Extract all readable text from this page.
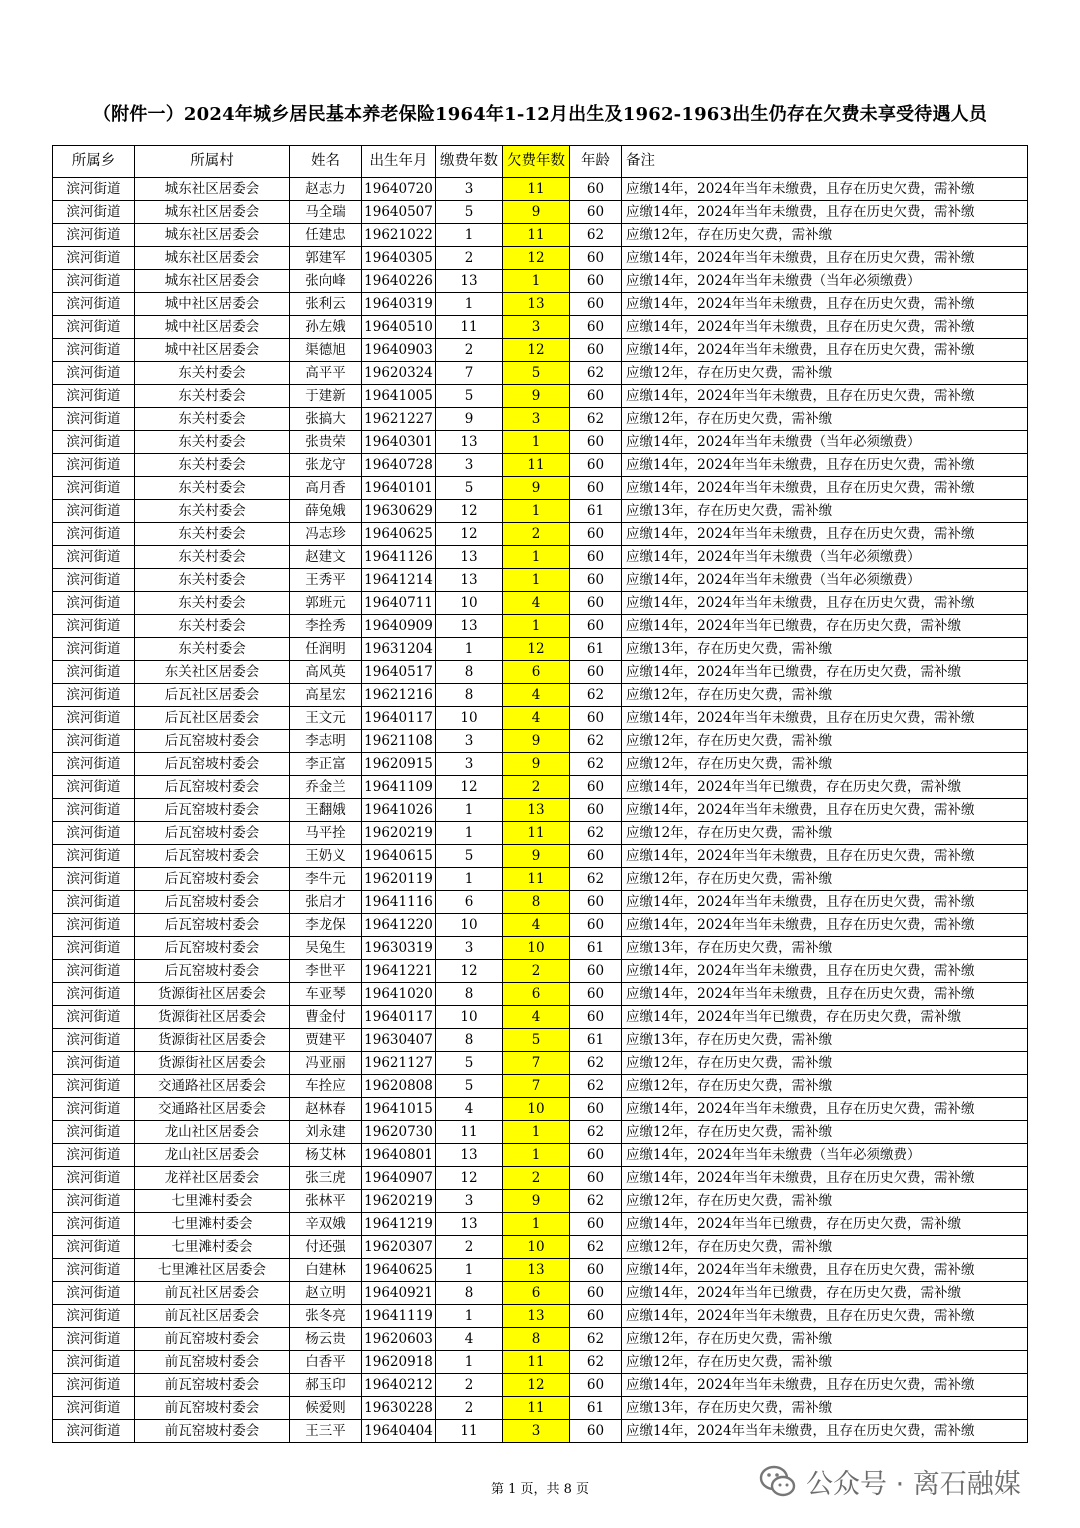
（附件一）2024年城乡居民基本养老保险1964年1-12月出生及1962-1963出生仍存在欠费未享受待遇人员
所属乡	所属村	姓名	出生年月	缴费年数	欠费年数	年龄	备注
滨河街道	城东社区居委会	赵志力	19640720	3	11	60	应缴14年，2024年当年未缴费，且存在历史欠费，需补缴
滨河街道	城东社区居委会	马全瑞	19640507	5	9	60	应缴14年，2024年当年未缴费，且存在历史欠费，需补缴
滨河街道	城东社区居委会	任建忠	19621022	1	11	62	应缴12年，存在历史欠费，需补缴
滨河街道	城东社区居委会	郭建军	19640305	2	12	60	应缴14年，2024年当年未缴费，且存在历史欠费，需补缴
滨河街道	城东社区居委会	张向峰	19640226	13	1	60	应缴14年，2024年当年未缴费（当年必须缴费）
滨河街道	城中社区居委会	张利云	19640319	1	13	60	应缴14年，2024年当年未缴费，且存在历史欠费，需补缴
滨河街道	城中社区居委会	孙左娥	19640510	11	3	60	应缴14年，2024年当年未缴费，且存在历史欠费，需补缴
滨河街道	城中社区居委会	渠德旭	19640903	2	12	60	应缴14年，2024年当年未缴费，且存在历史欠费，需补缴
滨河街道	东关村委会	高平平	19620324	7	5	62	应缴12年，存在历史欠费，需补缴
滨河街道	东关村委会	于建新	19641005	5	9	60	应缴14年，2024年当年未缴费，且存在历史欠费，需补缴
滨河街道	东关村委会	张搞大	19621227	9	3	62	应缴12年，存在历史欠费，需补缴
滨河街道	东关村委会	张贵荣	19640301	13	1	60	应缴14年，2024年当年未缴费（当年必须缴费）
滨河街道	东关村委会	张龙守	19640728	3	11	60	应缴14年，2024年当年未缴费，且存在历史欠费，需补缴
滨河街道	东关村委会	高月香	19640101	5	9	60	应缴14年，2024年当年未缴费，且存在历史欠费，需补缴
滨河街道	东关村委会	薛兔娥	19630629	12	1	61	应缴13年，存在历史欠费，需补缴
滨河街道	东关村委会	冯志珍	19640625	12	2	60	应缴14年，2024年当年未缴费，且存在历史欠费，需补缴
滨河街道	东关村委会	赵建文	19641126	13	1	60	应缴14年，2024年当年未缴费（当年必须缴费）
滨河街道	东关村委会	王秀平	19641214	13	1	60	应缴14年，2024年当年未缴费（当年必须缴费）
滨河街道	东关村委会	郭班元	19640711	10	4	60	应缴14年，2024年当年未缴费，且存在历史欠费，需补缴
滨河街道	东关村委会	李拴秀	19640909	13	1	60	应缴14年，2024年当年已缴费，存在历史欠费，需补缴
滨河街道	东关村委会	任润明	19631204	1	12	61	应缴13年，存在历史欠费，需补缴
滨河街道	东关社区居委会	高风英	19640517	8	6	60	应缴14年，2024年当年已缴费，存在历史欠费，需补缴
滨河街道	后瓦社区居委会	高星宏	19621216	8	4	62	应缴12年，存在历史欠费，需补缴
滨河街道	后瓦社区居委会	王文元	19640117	10	4	60	应缴14年，2024年当年未缴费，且存在历史欠费，需补缴
滨河街道	后瓦窑坡村委会	李志明	19621108	3	9	62	应缴12年，存在历史欠费，需补缴
滨河街道	后瓦窑坡村委会	李正富	19620915	3	9	62	应缴12年，存在历史欠费，需补缴
滨河街道	后瓦窑坡村委会	乔金兰	19641109	12	2	60	应缴14年，2024年当年已缴费，存在历史欠费，需补缴
滨河街道	后瓦窑坡村委会	王翻娥	19641026	1	13	60	应缴14年，2024年当年未缴费，且存在历史欠费，需补缴
滨河街道	后瓦窑坡村委会	马平拴	19620219	1	11	62	应缴12年，存在历史欠费，需补缴
滨河街道	后瓦窑坡村委会	王奶义	19640615	5	9	60	应缴14年，2024年当年未缴费，且存在历史欠费，需补缴
滨河街道	后瓦窑坡村委会	李牛元	19620119	1	11	62	应缴12年，存在历史欠费，需补缴
滨河街道	后瓦窑坡村委会	张启才	19641116	6	8	60	应缴14年，2024年当年未缴费，且存在历史欠费，需补缴
滨河街道	后瓦窑坡村委会	李龙保	19641220	10	4	60	应缴14年，2024年当年未缴费，且存在历史欠费，需补缴
滨河街道	后瓦窑坡村委会	吴兔生	19630319	3	10	61	应缴13年，存在历史欠费，需补缴
滨河街道	后瓦窑坡村委会	李世平	19641221	12	2	60	应缴14年，2024年当年未缴费，且存在历史欠费，需补缴
滨河街道	货源街社区居委会	车亚琴	19641020	8	6	60	应缴14年，2024年当年未缴费，且存在历史欠费，需补缴
滨河街道	货源街社区居委会	曹金付	19640117	10	4	60	应缴14年，2024年当年已缴费，存在历史欠费，需补缴
滨河街道	货源街社区居委会	贾建平	19630407	8	5	61	应缴13年，存在历史欠费，需补缴
滨河街道	货源街社区居委会	冯亚丽	19621127	5	7	62	应缴12年，存在历史欠费，需补缴
滨河街道	交通路社区居委会	车拴应	19620808	5	7	62	应缴12年，存在历史欠费，需补缴
滨河街道	交通路社区居委会	赵林春	19641015	4	10	60	应缴14年，2024年当年未缴费，且存在历史欠费，需补缴
滨河街道	龙山社区居委会	刘永建	19620730	11	1	62	应缴12年，存在历史欠费，需补缴
滨河街道	龙山社区居委会	杨艾林	19640801	13	1	60	应缴14年，2024年当年未缴费（当年必须缴费）
滨河街道	龙祥社区居委会	张三虎	19640907	12	2	60	应缴14年，2024年当年未缴费，且存在历史欠费，需补缴
滨河街道	七里滩村委会	张林平	19620219	3	9	62	应缴12年，存在历史欠费，需补缴
滨河街道	七里滩村委会	辛双娥	19641219	13	1	60	应缴14年，2024年当年已缴费，存在历史欠费，需补缴
滨河街道	七里滩村委会	付还强	19620307	2	10	62	应缴12年，存在历史欠费，需补缴
滨河街道	七里滩社区居委会	白建林	19640625	1	13	60	应缴14年，2024年当年未缴费，且存在历史欠费，需补缴
滨河街道	前瓦社区居委会	赵立明	19640921	8	6	60	应缴14年，2024年当年已缴费，存在历史欠费，需补缴
滨河街道	前瓦社区居委会	张冬亮	19641119	1	13	60	应缴14年，2024年当年未缴费，且存在历史欠费，需补缴
滨河街道	前瓦窑坡村委会	杨云贵	19620603	4	8	62	应缴12年，存在历史欠费，需补缴
滨河街道	前瓦窑坡村委会	白香平	19620918	1	11	62	应缴12年，存在历史欠费，需补缴
滨河街道	前瓦窑坡村委会	郝玉印	19640212	2	12	60	应缴14年，2024年当年未缴费，且存在历史欠费，需补缴
滨河街道	前瓦窑坡村委会	候爱则	19630228	2	11	61	应缴13年，存在历史欠费，需补缴
滨河街道	前瓦窑坡村委会	王三平	19640404	11	3	60	应缴14年，2024年当年未缴费，且存在历史欠费，需补缴
第 1 页，共 8 页	公众号 · 离石融媒
